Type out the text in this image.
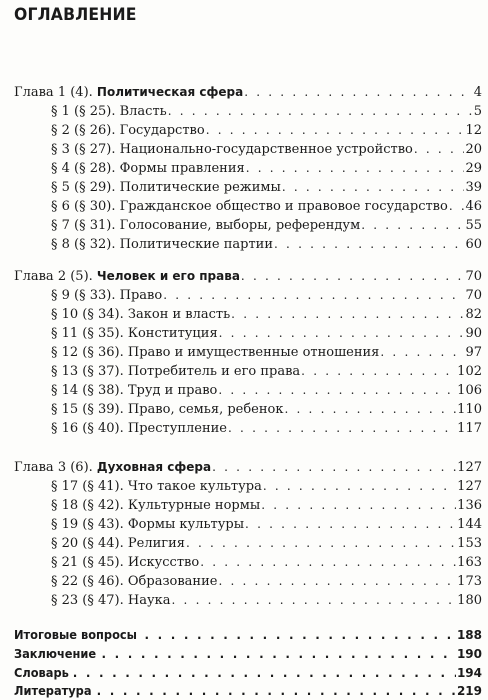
ОГЛАВЛЕНИЕ
Глава 1 (4). Политическая сфера . . .	4
§ 1 (§ 25). Власть . . .	5
§ 2 (§ 26). Государство . . .	12
§ 3 (§ 27). Национально-государственное устройство . . .	20
§ 4 (§ 28). Формы правления . . .	29
§ 5 (§ 29). Политические режимы . . .	39
§ 6 (§ 30). Гражданское общество и правовое государство . . . 46
§ 7 (§ 31). Голосование, выборы, референдум . . .	55
§ 8 (§ 32). Политические партии . . .	60
Глава 2 (5). Человек и его права . . .	70
§ 9 (§ 33). Право . . .	70
§ 10 (§ 34). Закон и власть . . .	82
§ 11 (§ 35). Конституция . . .	90
§ 12 (§ 36). Право и имущественные отношения . . .	97
§ 13 (§ 37). Потребитель и его права . . .	102
§ 14 (§ 38). Труд и право . . .	106
§ 15 (§ 39). Право, семья, ребенок . . .	110
§ 16 (§ 40). Преступление . . .	117
Глава 3 (6). Духовная сфера . . .	127
§ 17 (§ 41). Что такое культура . . .	127
§ 18 (§ 42). Культурные нормы . . .	136
§ 19 (§ 43). Формы культуры . . .	144
§ 20 (§ 44). Религия . . .	153
§ 21 (§ 45). Искусство . . .	163
§ 22 (§ 46). Образование . . .	173
§ 23 (§ 47). Наука . . .	180
Итоговые вопросы . . .	188
Заключение . . .	190
Словарь . . .	194
Литература . . .	219
